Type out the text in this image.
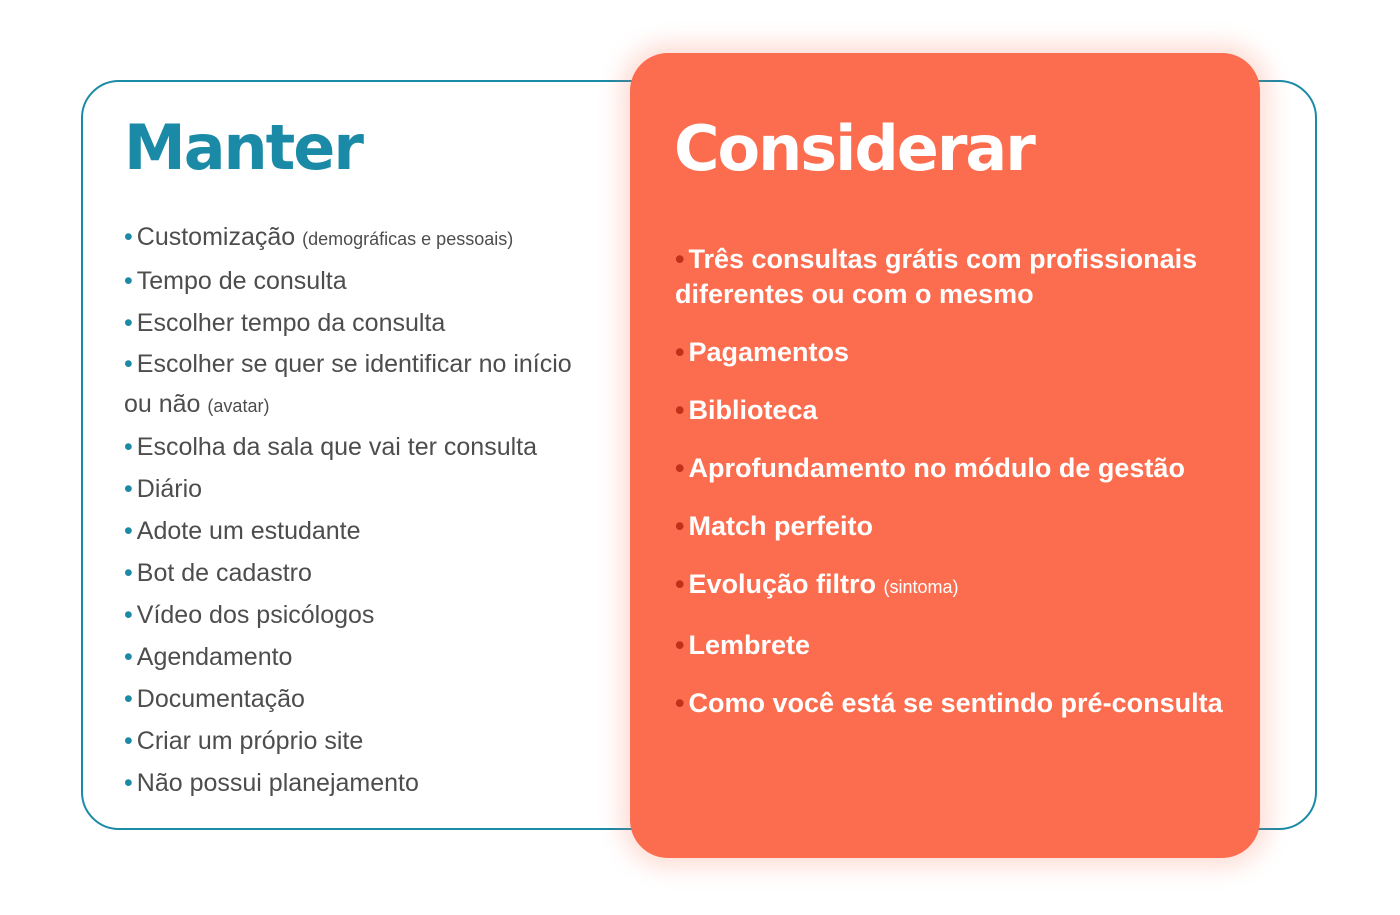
Manter
• Customização (demográficas e pessoais)
• Tempo de consulta
• Escolher tempo da consulta
• Escolher se quer se identificar no início ou não (avatar)
• Escolha da sala que vai ter consulta
• Diário
• Adote um estudante
• Bot de cadastro
• Vídeo dos psicólogos
• Agendamento
• Documentação
• Criar um próprio site
• Não possui planejamento
Considerar
• Três consultas grátis com profissionais diferentes ou com o mesmo
• Pagamentos
• Biblioteca
• Aprofundamento no módulo de gestão
• Match perfeito
• Evolução filtro (sintoma)
• Lembrete
• Como você está se sentindo pré-consulta
